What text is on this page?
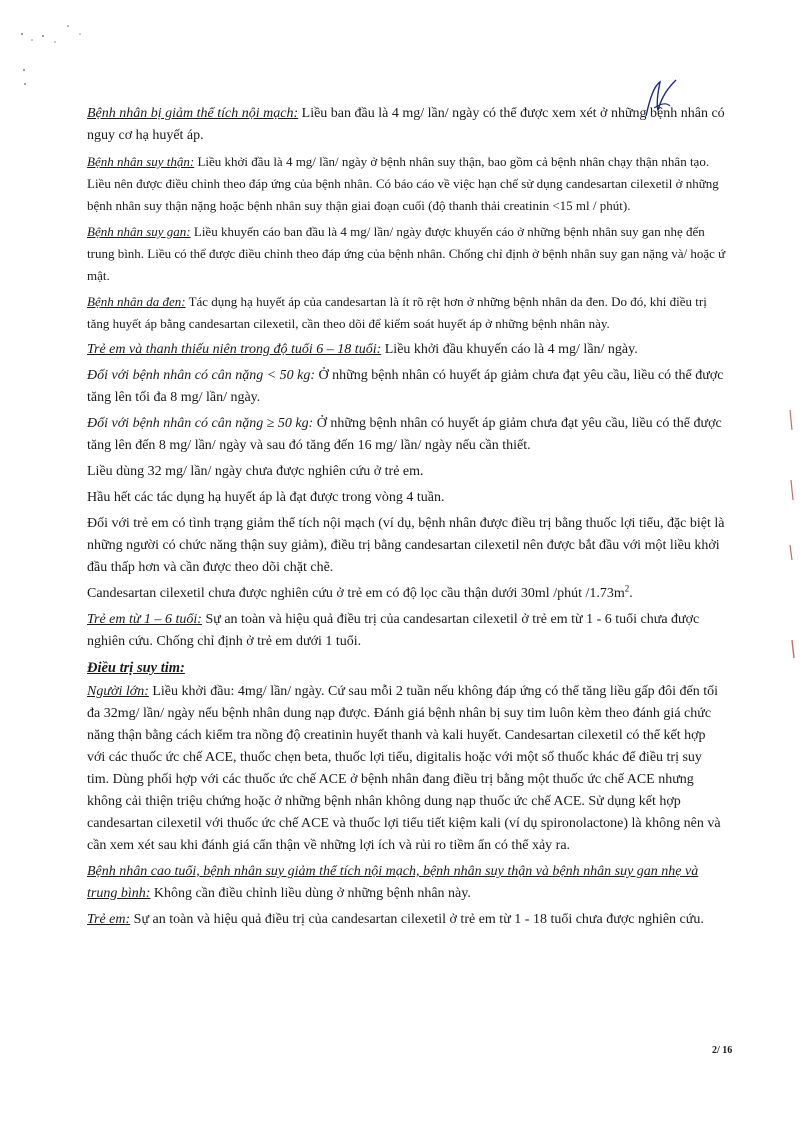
Bệnh nhân bị giảm thể tích nội mạch: Liều ban đầu là 4 mg/ lần/ ngày có thể được xem xét ở những bệnh nhân có nguy cơ hạ huyết áp.

Bệnh nhân suy thận: Liều khởi đầu là 4 mg/ lần/ ngày ở bệnh nhân suy thận, bao gồm cả bệnh nhân chạy thận nhân tạo. Liều nên được điều chỉnh theo đáp ứng của bệnh nhân. Có báo cáo về việc hạn chế sử dụng candesartan cilexetil ở những bệnh nhân suy thận nặng hoặc bệnh nhân suy thận giai đoạn cuối (độ thanh thải creatinin <15 ml / phút).

Bệnh nhân suy gan: Liều khuyến cáo ban đầu là 4 mg/ lần/ ngày được khuyến cáo ở những bệnh nhân suy gan nhẹ đến trung bình. Liều có thể được điều chỉnh theo đáp ứng của bệnh nhân. Chống chỉ định ở bệnh nhân suy gan nặng và/ hoặc ứ mật.

Bệnh nhân da đen: Tác dụng hạ huyết áp của candesartan là ít rõ rệt hơn ở những bệnh nhân da đen. Do đó, khi điều trị tăng huyết áp bằng candesartan cilexetil, cần theo dõi để kiểm soát huyết áp ở những bệnh nhân này.

Trẻ em và thanh thiếu niên trong độ tuổi 6 – 18 tuổi: Liều khởi đầu khuyến cáo là 4 mg/ lần/ ngày.

Đối với bệnh nhân có cân nặng < 50 kg: Ở những bệnh nhân có huyết áp giảm chưa đạt yêu cầu, liều có thể được tăng lên tối đa 8 mg/ lần/ ngày.

Đối với bệnh nhân có cân nặng ≥ 50 kg: Ở những bệnh nhân có huyết áp giảm chưa đạt yêu cầu, liều có thể được tăng lên đến 8 mg/ lần/ ngày và sau đó tăng đến 16 mg/ lần/ ngày nếu cần thiết.

Liều dùng 32 mg/ lần/ ngày chưa được nghiên cứu ở trẻ em.

Hầu hết các tác dụng hạ huyết áp là đạt được trong vòng 4 tuần.

Đối với trẻ em có tình trạng giảm thể tích nội mạch (ví dụ, bệnh nhân được điều trị bằng thuốc lợi tiểu, đặc biệt là những người có chức năng thận suy giảm), điều trị bằng candesartan cilexetil nên được bắt đầu với một liều khởi đầu thấp hơn và cần được theo dõi chặt chẽ.

Candesartan cilexetil chưa được nghiên cứu ở trẻ em có độ lọc cầu thận dưới 30ml /phút $/1.73m^2$.

Trẻ em từ 1 – 6 tuổi: Sự an toàn và hiệu quả điều trị của candesartan cilexetil ở trẻ em từ 1 - 6 tuổi chưa được nghiên cứu. Chống chỉ định ở trẻ em dưới 1 tuổi.

Điều trị suy tim:

Người lớn: Liều khởi đầu: 4mg/ lần/ ngày. Cứ sau mỗi 2 tuần nếu không đáp ứng có thể tăng liều gấp đôi đến tối đa 32mg/ lần/ ngày nếu bệnh nhân dung nạp được. Đánh giá bệnh nhân bị suy tim luôn kèm theo đánh giá chức năng thận bằng cách kiểm tra nồng độ creatinin huyết thanh và kali huyết. Candesartan cilexetil có thể kết hợp với các thuốc ức chế ACE, thuốc chẹn beta, thuốc lợi tiểu, digitalis hoặc với một số thuốc khác để điều trị suy tim. Dùng phối hợp với các thuốc ức chế ACE ở bệnh nhân đang điều trị bằng một thuốc ức chế ACE nhưng không cải thiện triệu chứng hoặc ở những bệnh nhân không dung nạp thuốc ức chế ACE. Sử dụng kết hợp candesartan cilexetil với thuốc ức chế ACE và thuốc lợi tiểu tiết kiệm kali (ví dụ spironolactone) là không nên và cần xem xét sau khi đánh giá cẩn thận về những lợi ích và rủi ro tiềm ẩn có thể xảy ra.

Bệnh nhân cao tuổi, bệnh nhân suy giảm thể tích nội mạch, bệnh nhân suy thận và bệnh nhân suy gan nhẹ và trung bình: Không cần điều chỉnh liều dùng ở những bệnh nhân này.

Trẻ em: Sự an toàn và hiệu quả điều trị của candesartan cilexetil ở trẻ em từ 1 - 18 tuổi chưa được nghiên cứu.

2/ 16
